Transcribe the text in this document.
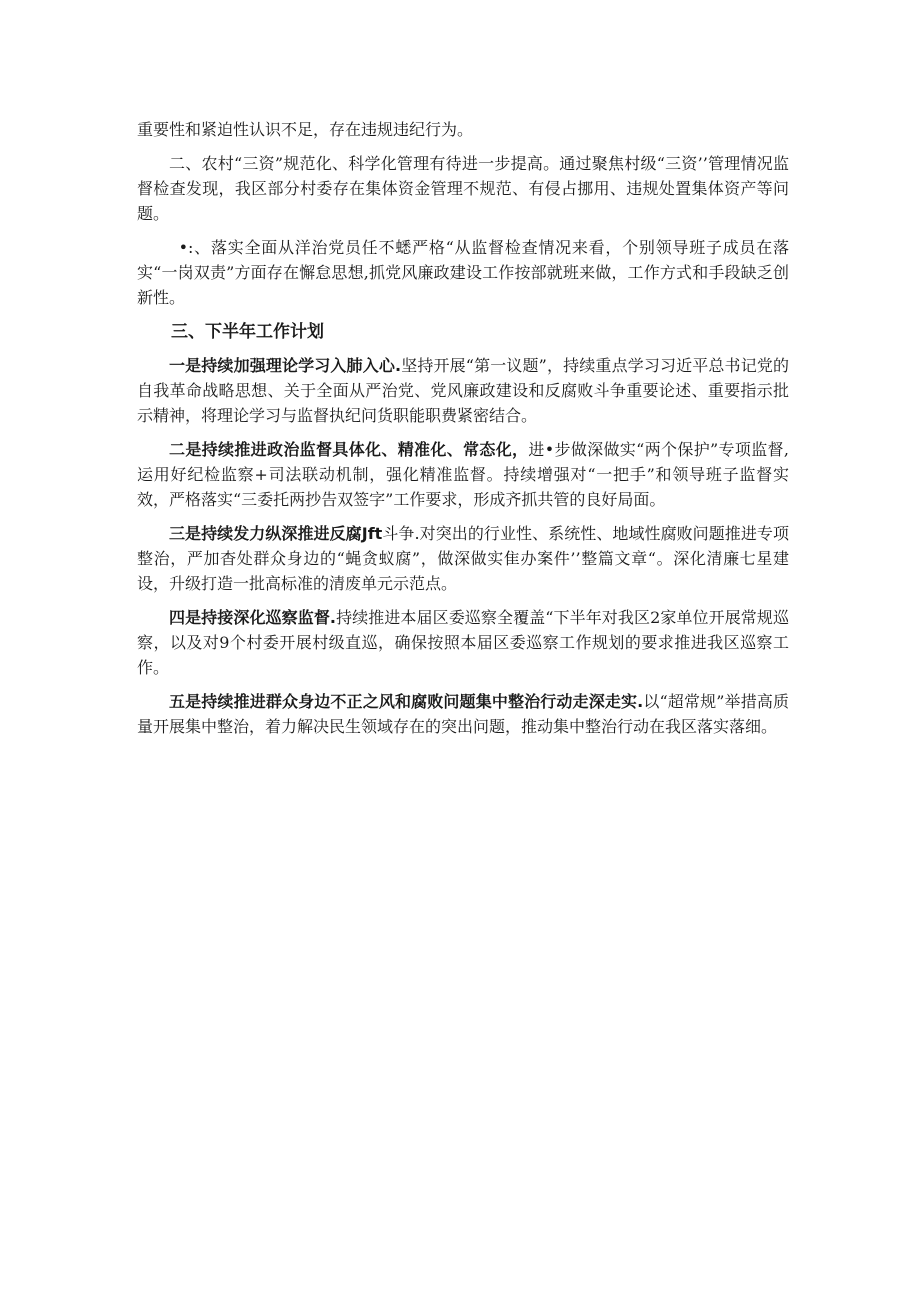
重要性和紧迫性认识不足，存在违规违纪行为。

二、农村“三资”规范化、科学化管理有待进一步提高。通过聚焦村级“三资’’管理情况监督检查发现，我区部分村委存在集体资金管理不规范、有侵占挪用、违规处置集体资产等问题。

•:、落实全面从洋治党员任不蟋严格“从监督检查情况来看，个别领导班子成员在落实“一岗双责”方面存在懈怠思想,抓党风廉政建设工作按部就班来做，工作方式和手段缺乏创新性。

三、下半年工作计划

一是持续加强理论学习入肺入心.坚持开展“第一议题”，持续重点学习习近平总书记党的自我革命战略思想、关于全面从严治党、党风廉政建设和反腐败斗争重要论述、重要指示批示精神，将理论学习与监督执纪问货职能职费紧密结合。

二是持续推进政治监督具体化、精准化、常态化，进•步做深做实“两个保护”专项监督,运用好纪检监察+司法联动机制，强化精准监督。持续增强对“一把手”和领导班子监督实效，严格落实“三委托两抄告双签字”工作要求，形成齐抓共管的良好局面。

三是持续发力纵深推进反腐Jft斗争.对突出的行业性、系统性、地域性腐败问题推进专项整治，严加杳处群众身边的“蝇贪蚁腐”，做深做实隹办案件’’整篇文章“。深化清廉七星建设，升级打造一批高标准的清废单元示范点。

四是持接深化巡察监督.持续推进本届区委巡察全覆盖“下半年对我区2家单位开展常规巡察，以及对9个村委开展村级直巡，确保按照本届区委巡察工作规划的要求推进我区巡察工作。

五是持续推进群众身边不正之风和腐败问题集中整治行动走深走实.以“超常规”举措高质量开展集中整治，着力解决民生领域存在的突出问题，推动集中整治行动在我区落实落细。
